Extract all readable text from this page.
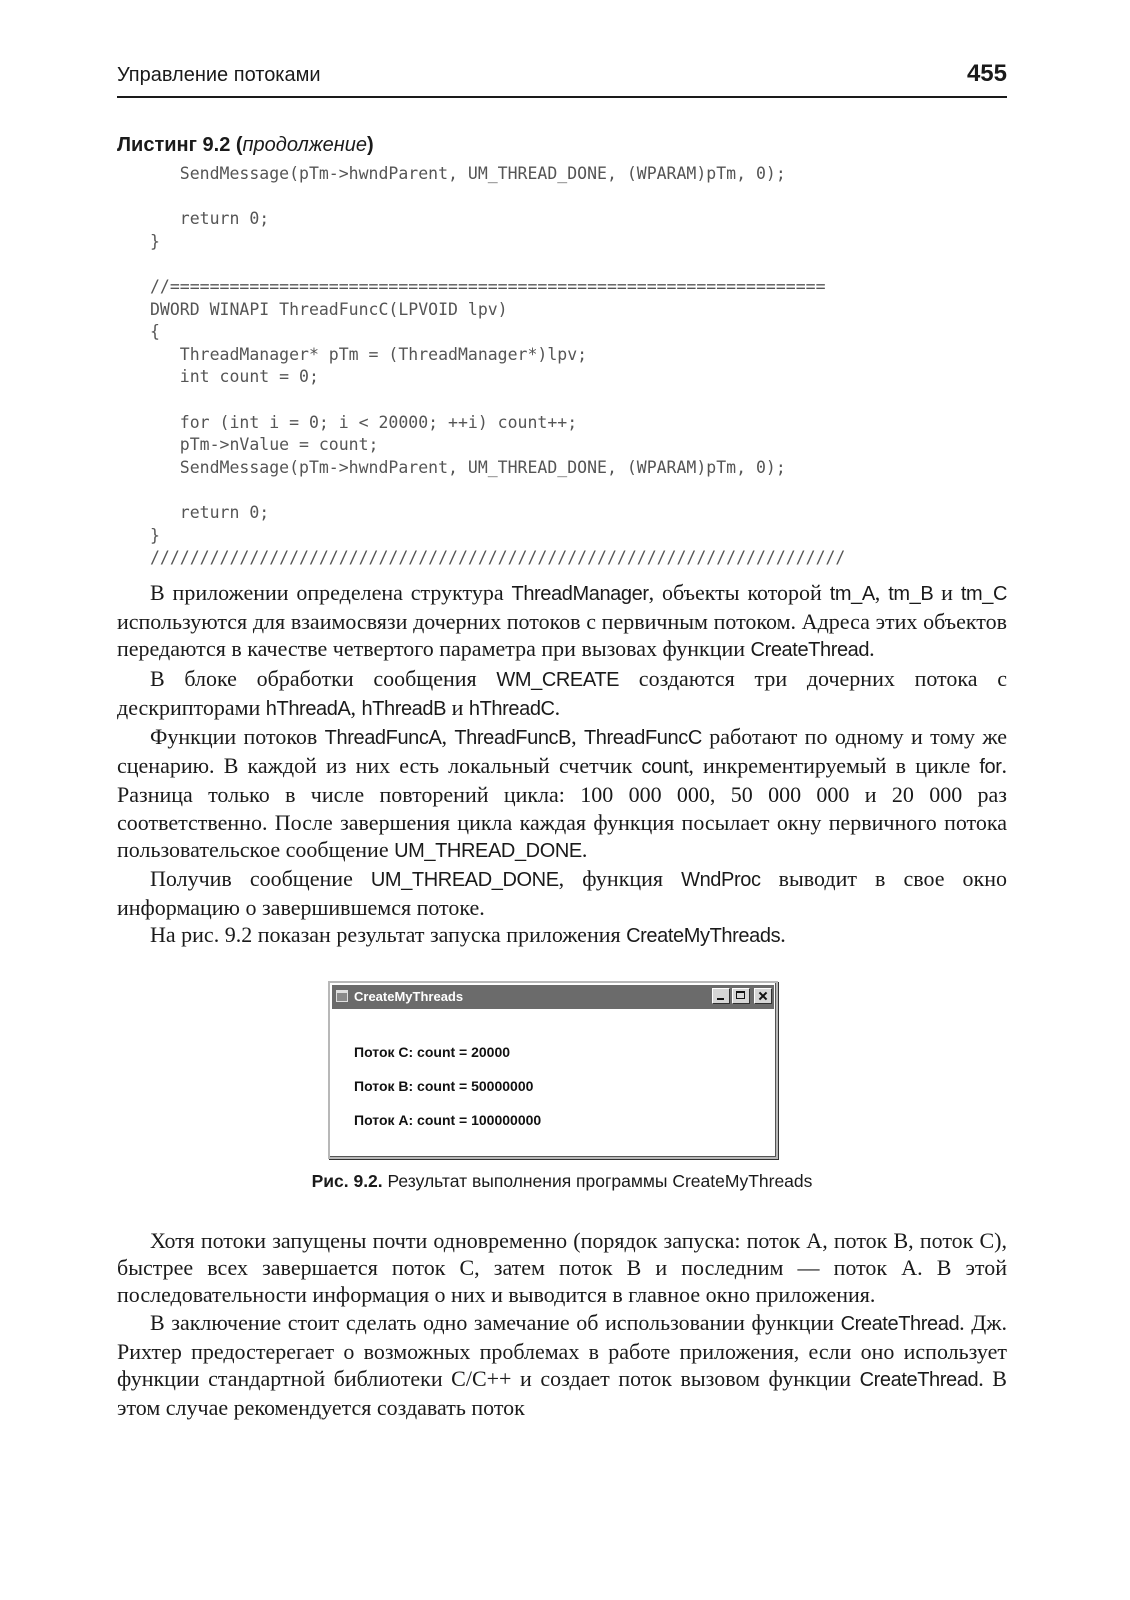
Управление потоками	455
Листинг 9.2 (продолжение)
SendMessage(pTm->hwndParent, UM_THREAD_DONE, (WPARAM)pTm, 0);
return 0;
}
//==================================================================
DWORD WINAPI ThreadFuncC(LPVOID lpv)
{
ThreadManager* pTm = (ThreadManager*)lpv;
int count = 0;
for (int i = 0; i < 20000; ++i) count++;
pTm->nValue = count;
SendMessage(pTm->hwndParent, UM_THREAD_DONE, (WPARAM)pTm, 0);
return 0;
}
//////////////////////////////////////////////////////////////////////

В приложении определена структура ThreadManager, объекты которой tm_A, tm_B и tm_C используются для взаимосвязи дочерних потоков с первичным потоком. Адреса этих объектов передаются в качестве четвертого параметра при вызовах функции CreateThread.

В блоке обработки сообщения WM_CREATE создаются три дочерних потока с дескрипторами hThreadA, hThreadB и hThreadC.

Функции потоков ThreadFuncA, ThreadFuncB, ThreadFuncC работают по одному и тому же сценарию. В каждой из них есть локальный счетчик count, инкрементируемый в цикле for. Разница только в числе повторений цикла: 100 000 000, 50 000 000 и 20 000 раз соответственно. После завершения цикла каждая функция посылает окну первичного потока пользовательское сообщение UM_THREAD_DONE.

Получив сообщение UM_THREAD_DONE, функция WndProc выводит в свое окно информацию о завершившемся потоке.

На рис. 9.2 показан результат запуска приложения CreateMyThreads.

CreateMyThreads
Поток C: count = 20000
Поток B: count = 50000000
Поток A: count = 100000000
Рис. 9.2. Результат выполнения программы CreateMyThreads

Хотя потоки запущены почти одновременно (порядок запуска: поток A, поток B, поток C), быстрее всех завершается поток C, затем поток B и последним — поток A. В этой последовательности информация о них и выводится в главное окно приложения.

В заключение стоит сделать одно замечание об использовании функции CreateThread. Дж. Рихтер предостерегает о возможных проблемах в работе приложения, если оно использует функции стандартной библиотеки C/C++ и создает поток вызовом функции CreateThread. В этом случае рекомендуется создавать поток
